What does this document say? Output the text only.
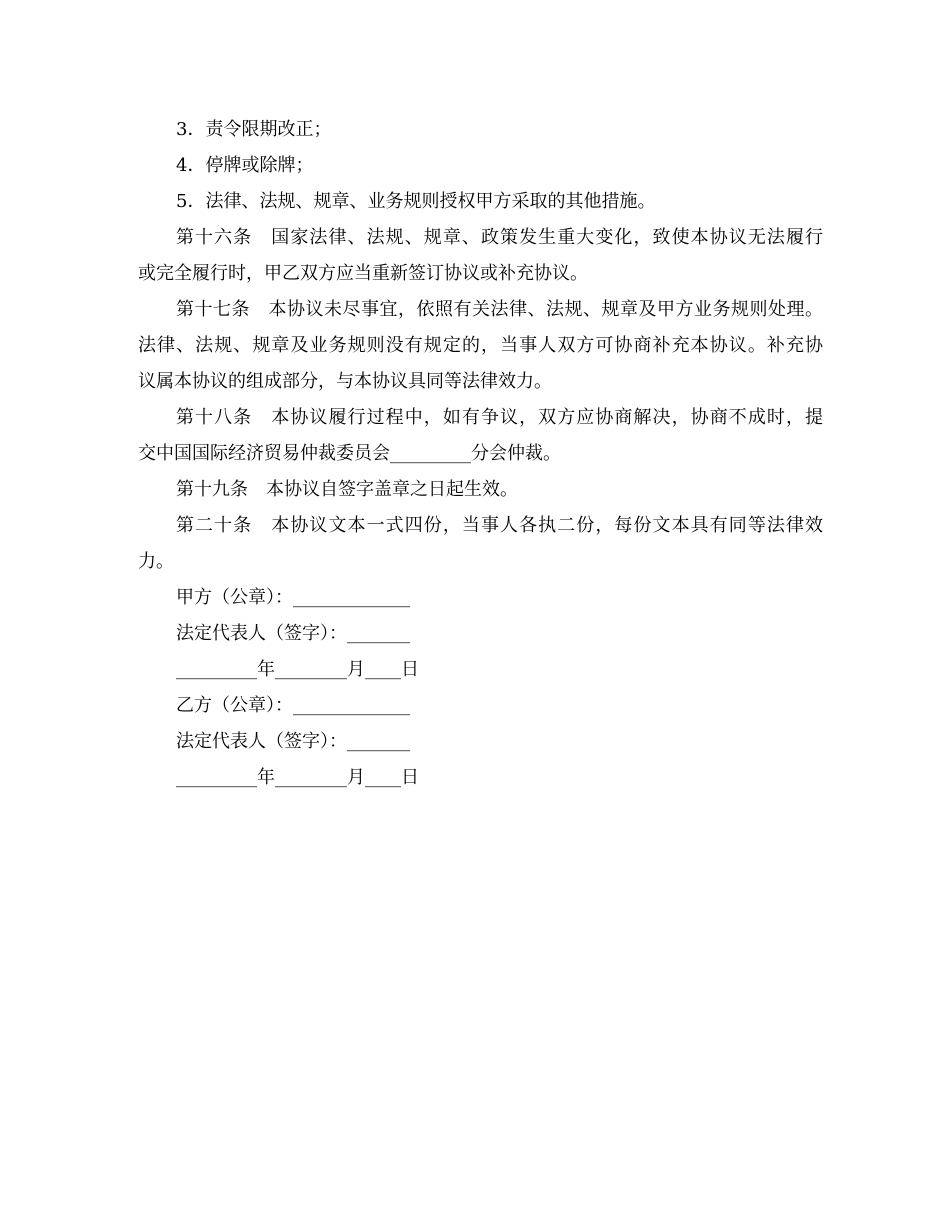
3．责令限期改正；
4．停牌或除牌；
5．法律、法规、规章、业务规则授权甲方采取的其他措施。
第十六条 国家法律、法规、规章、政策发生重大变化，致使本协议无法履行
或完全履行时，甲乙双方应当重新签订协议或补充协议。
第十七条 本协议未尽事宜，依照有关法律、法规、规章及甲方业务规则处理。
法律、法规、规章及业务规则没有规定的，当事人双方可协商补充本协议。补充协
议属本协议的组成部分，与本协议具同等法律效力。
第十八条 本协议履行过程中，如有争议，双方应协商解决，协商不成时，提
交中国国际经济贸易仲裁委员会_________分会仲裁。
第十九条 本协议自签字盖章之日起生效。
第二十条 本协议文本一式四份，当事人各执二份，每份文本具有同等法律效
力。
甲方（公章）：_____________
法定代表人（签字）：_______
_________年________月____日
乙方（公章）：_____________
法定代表人（签字）：_______
_________年________月____日
